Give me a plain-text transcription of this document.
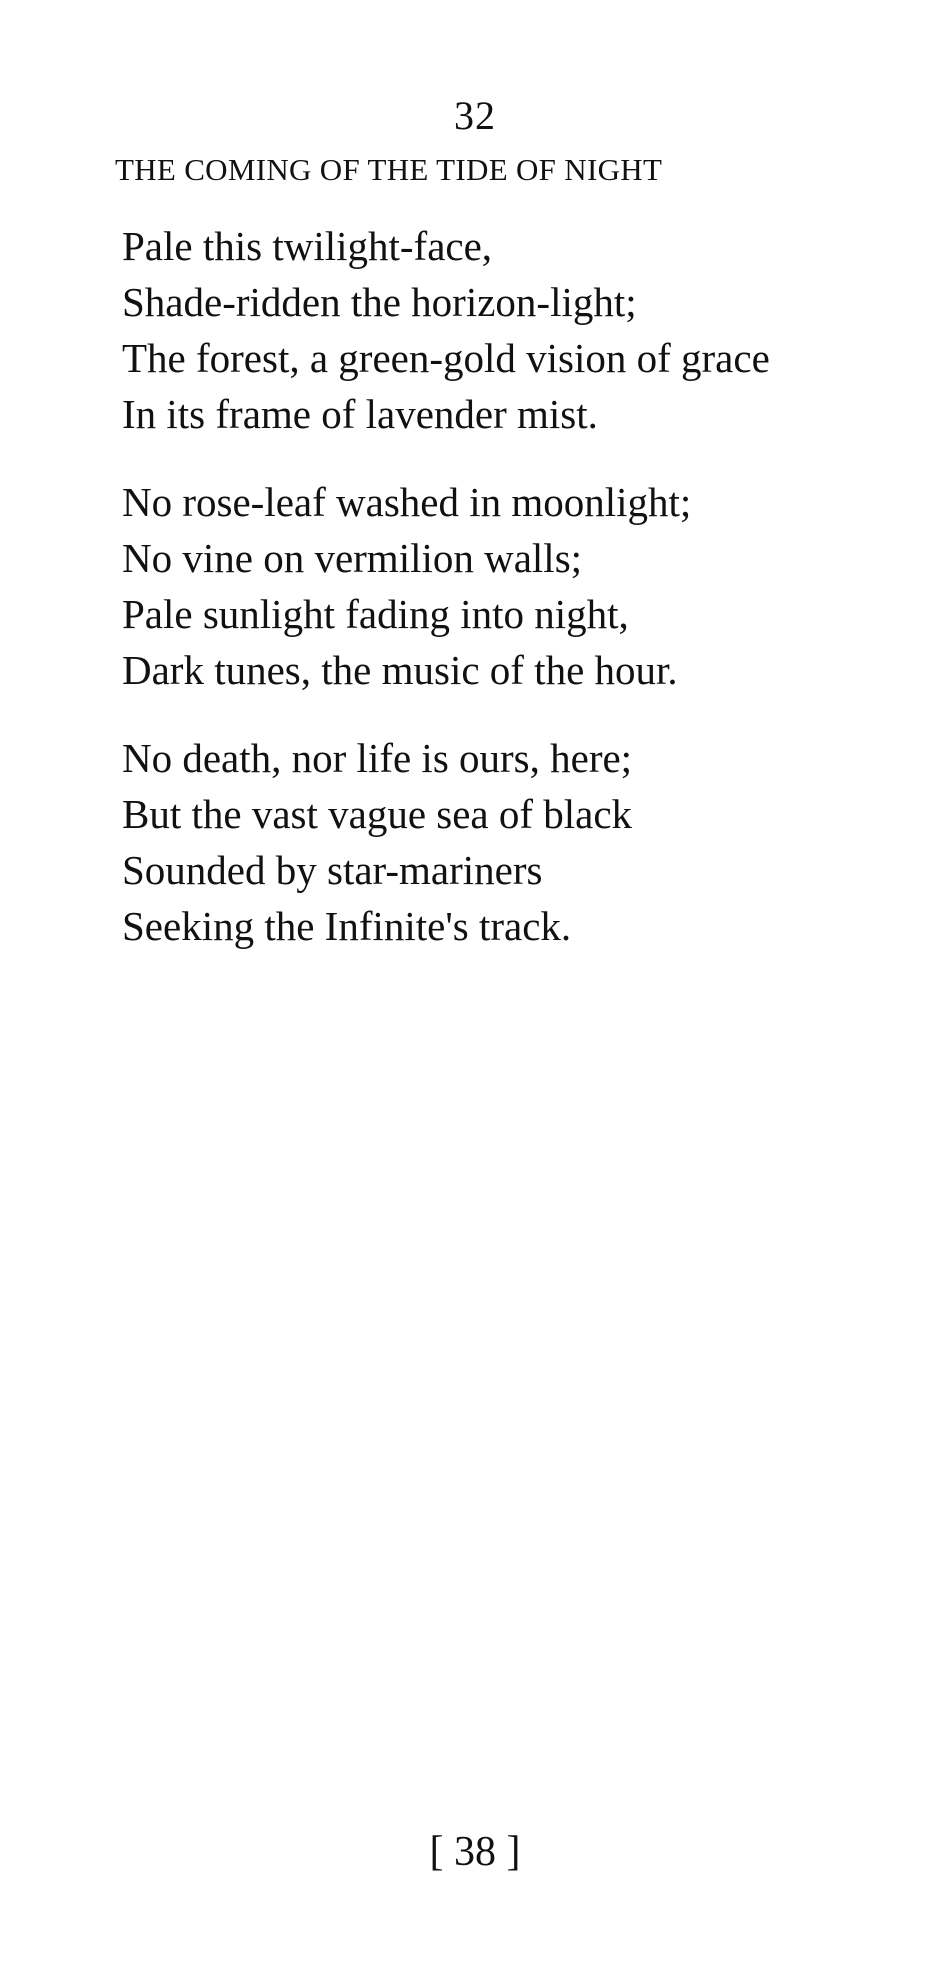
32
THE COMING OF THE TIDE OF NIGHT
Pale this twilight-face,
Shade-ridden the horizon-light;
The forest, a green-gold vision of grace
In its frame of lavender mist.
No rose-leaf washed in moonlight;
No vine on vermilion walls;
Pale sunlight fading into night,
Dark tunes, the music of the hour.
No death, nor life is ours, here;
But the vast vague sea of black
Sounded by star-mariners
Seeking the Infinite's track.
[ 38 ]
